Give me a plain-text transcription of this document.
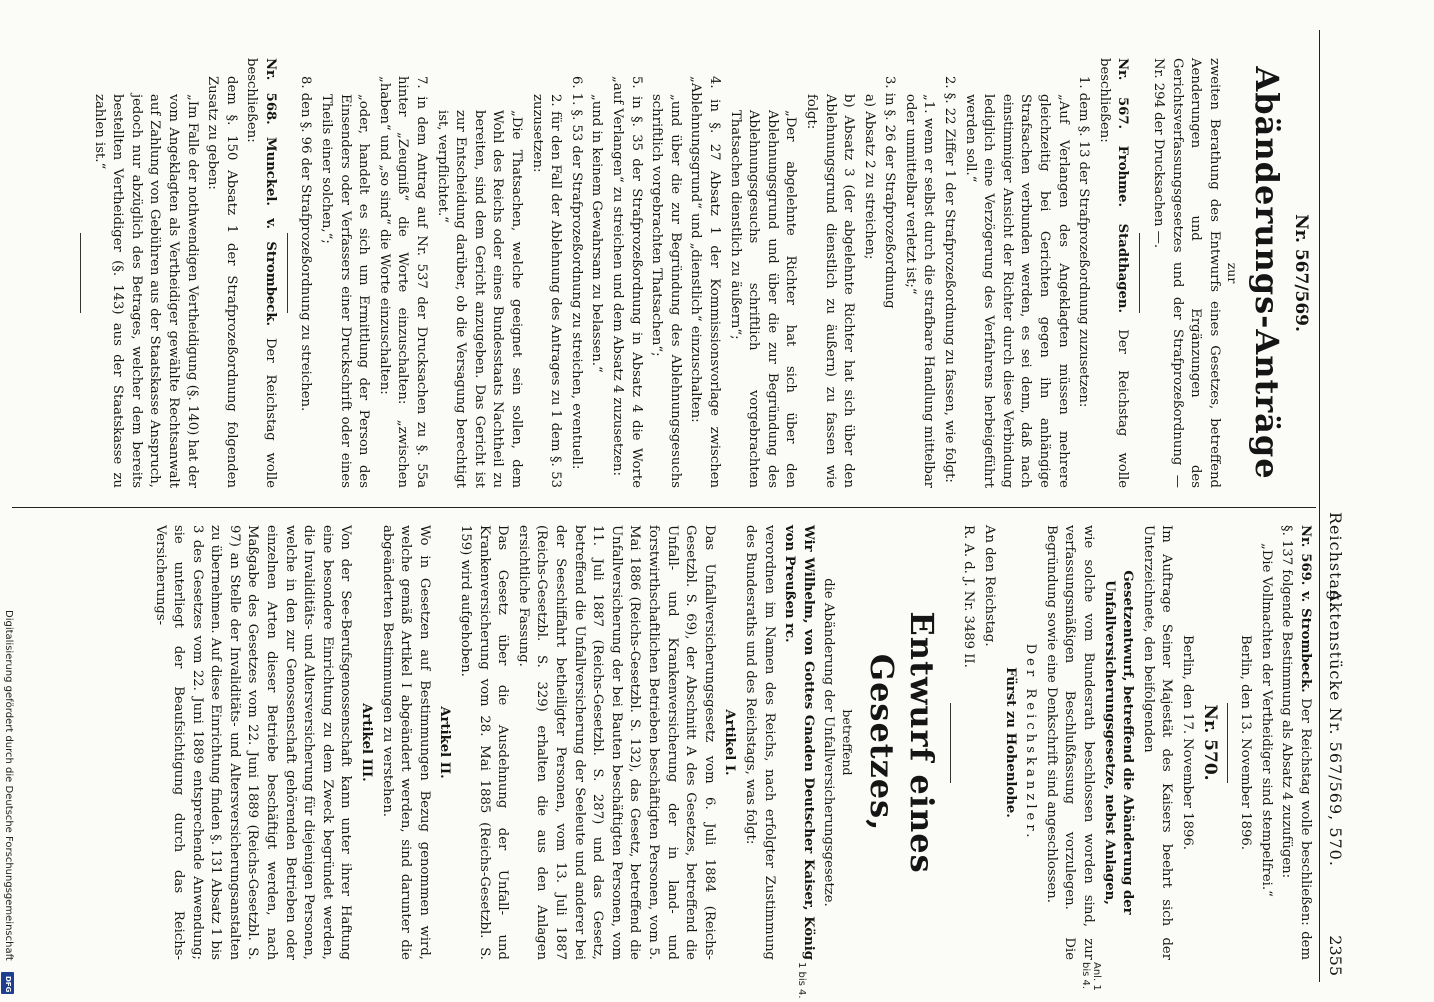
Reichstag.
Aktenstücke Nr. 567/569, 570.
2355
Nr. 567/569.
Abänderungs-Anträge
zur

zweiten Berathung des Entwurfs eines Gesetzes, betreffend Aenderungen und Ergänzungen des Gerichtsverfassungsgesetzes und der Strafprozeßordnung — Nr. 294 der Drucksachen —.

Nr. 567. Frohme. Stadthagen. Der Reichstag wolle beschließen:

1. dem §. 13 der Strafprozeßordnung zuzusetzen:

„Auf Verlangen des Angeklagten müssen mehrere gleichzeitig bei Gerichten gegen ihn anhängige Strafsachen verbunden werden, es sei denn, daß nach einstimmiger Ansicht der Richter durch diese Verbindung lediglich eine Verzögerung des Verfahrens herbeigeführt werden soll.“

2. §. 22 Ziffer 1 der Strafprozeßordnung zu fassen, wie folgt:

„1. wenn er selbst durch die strafbare Handlung mittelbar oder unmittelbar verletzt ist;“

3. in §. 26 der Strafprozeßordnung

a) Absatz 2 zu streichen;

b) Absatz 3 (der abgelehnte Richter hat sich über den Ablehnungsgrund dienstlich zu äußern) zu fassen wie folgt:

„Der abgelehnte Richter hat sich über den Ablehnungsgrund und über die zur Begründung des Ablehnungsgesuchs schriftlich vorgebrachten Thatsachen dienstlich zu äußern“;

4. in §. 27 Absatz 1 der Kommissionsvorlage zwischen „Ablehnungsgrund“ und „dienstlich“ einzuschalten:

„und über die zur Begründung des Ablehnungsgesuchs schriftlich vorgebrachten Thatsachen“;

5. in §. 35 der Strafprozeßordnung in Absatz 4 die Worte „auf Verlangen“ zu streichen und dem Absatz 4 zuzusetzen:

„und in keinem Gewahrsam zu belassen.“

6. 1. §. 53 der Strafprozeßordnung zu streichen, eventuell:

2. für den Fall der Ablehnung des Antrages zu 1 dem §. 53 zuzusetzen:

„Die Thatsachen, welche geeignet sein sollen, dem Wohl des Reichs oder eines Bundesstaats Nachtheil zu bereiten, sind dem Gericht anzugeben. Das Gericht ist zur Entscheidung darüber, ob die Versagung berechtigt ist, verpflichtet.“

7. in dem Antrag auf Nr. 537 der Drucksachen zu §. 55a hinter „Zeugniß“ die Worte einzuschalten: „zwischen „haben“ und „so sind“ die Worte einzuschalten:

„oder, handelt es sich um Ermittlung der Person des Einsenders oder Verfassers einer Druckschrift oder eines Theils einer solchen,“;

8. den §. 96 der Strafprozeßordnung zu streichen.

Nr. 568. Munckel. v. Strombeck. Der Reichstag wolle beschließen:

dem §. 150 Absatz 1 der Strafprozeßordnung folgenden Zusatz zu geben:

„Im Falle der nothwendigen Vertheidigung (§. 140) hat der vom Angeklagten als Vertheidiger gewählte Rechtsanwalt auf Zahlung von Gebühren aus der Staatskasse Anspruch, jedoch nur abzüglich des Betrages, welcher dem bereits bestellten Vertheidiger (§. 143) aus der Staatskasse zu zahlen ist.“

Nr. 569. v. Strombeck. Der Reichstag wolle beschließen: dem §. 137 folgende Bestimmung als Absatz 4 zuzufügen:

„Die Vollmachten der Vertheidiger sind stempelfrei.“

Berlin, den 13. November 1896.

Nr. 570.

Berlin, den 17. November 1896.

Im Auftrage Seiner Majestät des Kaisers beehrt sich der Unterzeichnete, den beifolgenden

Gesetzentwurf, betreffend die Abänderung der Unfallversicherungsgesetze, nebst Anlagen,

wie solche vom Bundesrath beschlossen worden sind, zur verfassungsmäßigen Beschlußfassung vorzulegen. Die Begründung sowie eine Denkschrift sind angeschlossen.

Der Reichskanzler.

Fürst zu Hohenlohe.

An den Reichstag.

R. A. d. J. Nr. 3489 II.

Entwurf eines Gesetzes,
betreffend

die Abänderung der Unfallversicherungsgesetze.

Wir Wilhelm, von Gottes Gnaden Deutscher Kaiser, König von Preußen rc.

verordnen im Namen des Reichs, nach erfolgter Zustimmung des Bundesraths und des Reichstags, was folgt:

Artikel I.

Das Unfallversicherungsgesetz vom 6. Juli 1884 (Reichs-Gesetzbl. S. 69), der Abschnitt A des Gesetzes, betreffend die Unfall- und Krankenversicherung der in land- und forstwirthschaftlichen Betrieben beschäftigten Personen, vom 5. Mai 1886 (Reichs-Gesetzbl. S. 132), das Gesetz, betreffend die Unfallversicherung der bei Bauten beschäftigten Personen, vom 11. Juli 1887 (Reichs-Gesetzbl. S. 287) und das Gesetz, betreffend die Unfallversicherung der Seeleute und anderer bei der Seeschiffahrt betheiligter Personen, vom 13. Juli 1887 (Reichs-Gesetzbl. S. 329) erhalten die aus den Anlagen ersichtliche Fassung.

Das Gesetz über die Ausdehnung der Unfall- und Krankenversicherung vom 28. Mai 1885 (Reichs-Gesetzbl. S. 159) wird aufgehoben.

Artikel II.

Wo in Gesetzen auf Bestimmungen Bezug genommen wird, welche gemäß Artikel I abgeändert werden, sind darunter die abgeänderten Bestimmungen zu verstehen.

Artikel III.

Von der See-Berufsgenossenschaft kann unter ihrer Haftung eine besondere Einrichtung zu dem Zweck begründet werden, die Invaliditäts- und Altersversicherung für diejenigen Personen, welche in den zur Genossenschaft gehörenden Betrieben oder einzelnen Arten dieser Betriebe beschäftigt werden, nach Maßgabe des Gesetzes vom 22. Juni 1889 (Reichs-Gesetzbl. S. 97) an Stelle der Invaliditäts- und Altersversicherungsanstalten zu übernehmen. Auf diese Einrichtung finden §. 131 Absatz 1 bis 3 des Gesetzes vom 22. Juni 1889 entsprechende Anwendung; sie unterliegt der Beaufsichtigung durch das Reichs-Versicherungs-

Anl. 1 bis 4.
1 bis 4.
Digitalisierung gefördert durch die Deutsche Forschungsgemeinschaft
DFG
